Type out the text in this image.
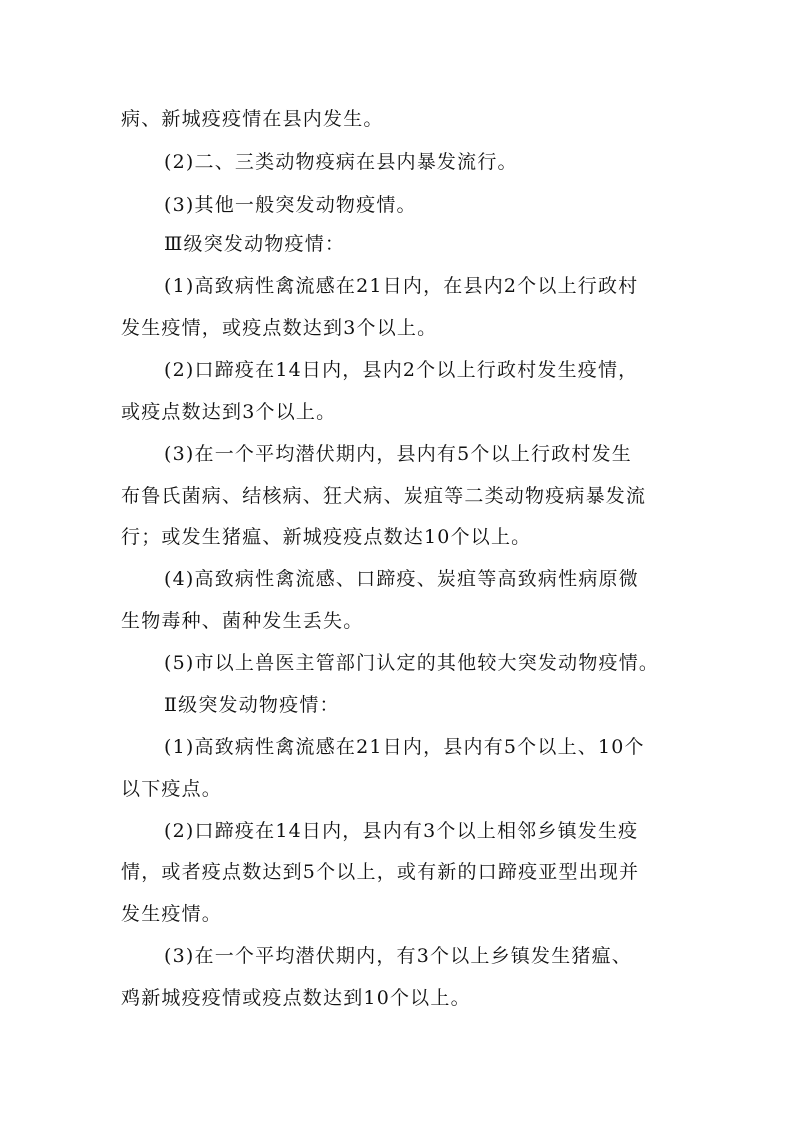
病、新城疫疫情在县内发生。
(2)二、三类动物疫病在县内暴发流行。
(3)其他一般突发动物疫情。
Ⅲ级突发动物疫情：
(1)高致病性禽流感在21日内，在县内2个以上行政村
发生疫情，或疫点数达到3个以上。
(2)口蹄疫在14日内，县内2个以上行政村发生疫情，
或疫点数达到3个以上。
(3)在一个平均潜伏期内，县内有5个以上行政村发生
布鲁氏菌病、结核病、狂犬病、炭疽等二类动物疫病暴发流
行；或发生猪瘟、新城疫疫点数达10个以上。
(4)高致病性禽流感、口蹄疫、炭疽等高致病性病原微
生物毒种、菌种发生丢失。
(5)市以上兽医主管部门认定的其他较大突发动物疫情。
Ⅱ级突发动物疫情：
(1)高致病性禽流感在21日内，县内有5个以上、10个
以下疫点。
(2)口蹄疫在14日内，县内有3个以上相邻乡镇发生疫
情，或者疫点数达到5个以上，或有新的口蹄疫亚型出现并
发生疫情。
(3)在一个平均潜伏期内，有3个以上乡镇发生猪瘟、
鸡新城疫疫情或疫点数达到10个以上。
